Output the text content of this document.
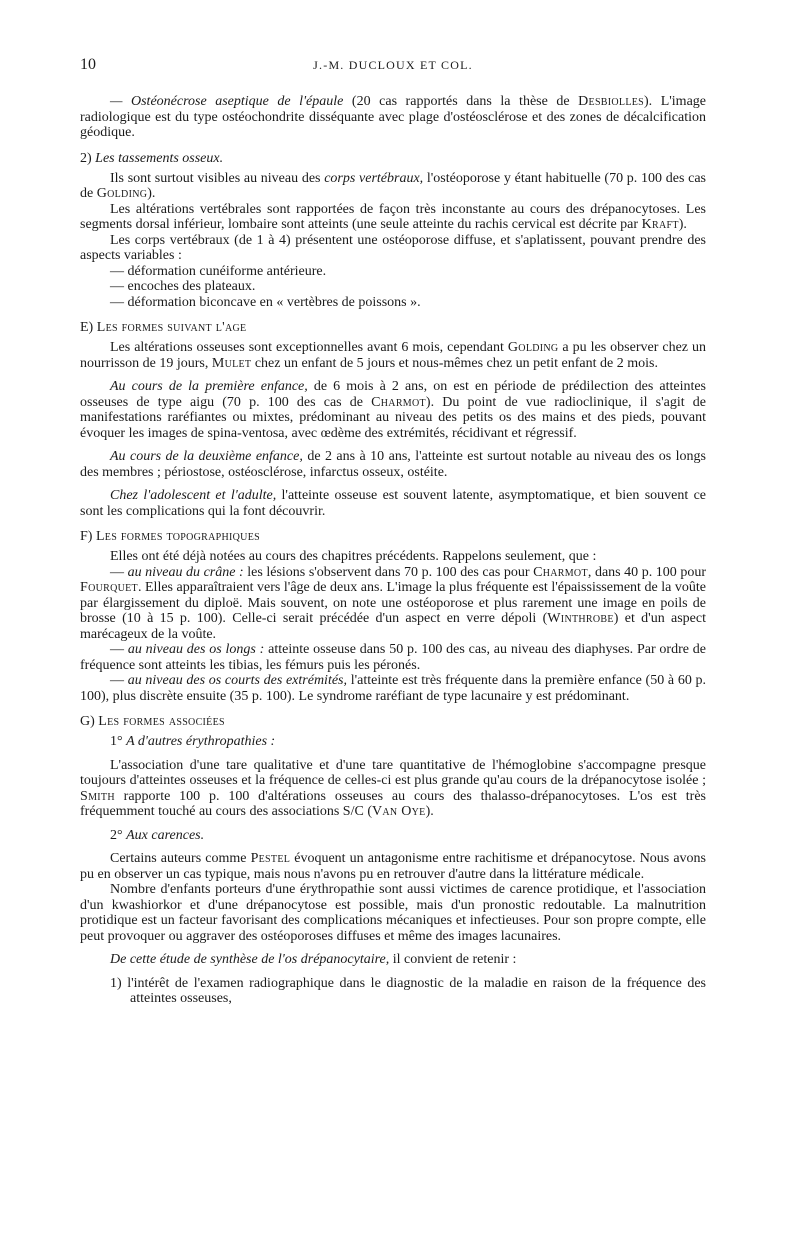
10	J.-M. DUCLOUX ET COL.

— Ostéonécrose aseptique de l'épaule (20 cas rapportés dans la thèse de Desbiolles). L'image radiologique est du type ostéochondrite disséquante avec plage d'ostéosclérose et des zones de décalcification géodique.

2) Les tassements osseux.

Ils sont surtout visibles au niveau des corps vertébraux, l'ostéoporose y étant habituelle (70 p. 100 des cas de Golding).

Les altérations vertébrales sont rapportées de façon très inconstante au cours des drépanocytoses. Les segments dorsal inférieur, lombaire sont atteints (une seule atteinte du rachis cervical est décrite par Kraft).

Les corps vertébraux (de 1 à 4) présentent une ostéoporose diffuse, et s'aplatissent, pouvant prendre des aspects variables :

— déformation cunéiforme antérieure.

— encoches des plateaux.

— déformation biconcave en « vertèbres de poissons ».

E) Les formes suivant l'age

Les altérations osseuses sont exceptionnelles avant 6 mois, cependant Golding a pu les observer chez un nourrisson de 19 jours, Mulet chez un enfant de 5 jours et nous-mêmes chez un petit enfant de 2 mois.

Au cours de la première enfance, de 6 mois à 2 ans, on est en période de prédilection des atteintes osseuses de type aigu (70 p. 100 des cas de Charmot). Du point de vue radioclinique, il s'agit de manifestations raréfiantes ou mixtes, prédominant au niveau des petits os des mains et des pieds, pouvant évoquer les images de spina-ventosa, avec œdème des extrémités, récidivant et régressif.

Au cours de la deuxième enfance, de 2 ans à 10 ans, l'atteinte est surtout notable au niveau des os longs des membres ; périostose, ostéosclérose, infarctus osseux, ostéite.

Chez l'adolescent et l'adulte, l'atteinte osseuse est souvent latente, asymptomatique, et bien souvent ce sont les complications qui la font découvrir.

F) Les formes topographiques

Elles ont été déjà notées au cours des chapitres précédents. Rappelons seulement, que :

— au niveau du crâne : les lésions s'observent dans 70 p. 100 des cas pour Charmot, dans 40 p. 100 pour Fourquet. Elles apparaîtraient vers l'âge de deux ans. L'image la plus fréquente est l'épaississement de la voûte par élargissement du diploë. Mais souvent, on note une ostéoporose et plus rarement une image en poils de brosse (10 à 15 p. 100). Celle-ci serait précédée d'un aspect en verre dépoli (Winthrobe) et d'un aspect marécageux de la voûte.

— au niveau des os longs : atteinte osseuse dans 50 p. 100 des cas, au niveau des diaphyses. Par ordre de fréquence sont atteints les tibias, les fémurs puis les péronés.

— au niveau des os courts des extrémités, l'atteinte est très fréquente dans la première enfance (50 à 60 p. 100), plus discrète ensuite (35 p. 100). Le syndrome raréfiant de type lacunaire y est prédominant.

G) Les formes associées

1° A d'autres érythropathies :

L'association d'une tare qualitative et d'une tare quantitative de l'hémoglobine s'accompagne presque toujours d'atteintes osseuses et la fréquence de celles-ci est plus grande qu'au cours de la drépanocytose isolée ; Smith rapporte 100 p. 100 d'altérations osseuses au cours des thalasso-drépanocytoses. L'os est très fréquemment touché au cours des associations S/C (Van Oye).

2° Aux carences.

Certains auteurs comme Pestel évoquent un antagonisme entre rachitisme et drépanocytose. Nous avons pu en observer un cas typique, mais nous n'avons pu en retrouver d'autre dans la littérature médicale.

Nombre d'enfants porteurs d'une érythropathie sont aussi victimes de carence protidique, et l'association d'un kwashiorkor et d'une drépanocytose est possible, mais d'un pronostic redoutable. La malnutrition protidique est un facteur favorisant des complications mécaniques et infectieuses. Pour son propre compte, elle peut provoquer ou aggraver des ostéoporoses diffuses et même des images lacunaires.

De cette étude de synthèse de l'os drépanocytaire, il convient de retenir :

1) l'intérêt de l'examen radiographique dans le diagnostic de la maladie en raison de la fréquence des atteintes osseuses,
